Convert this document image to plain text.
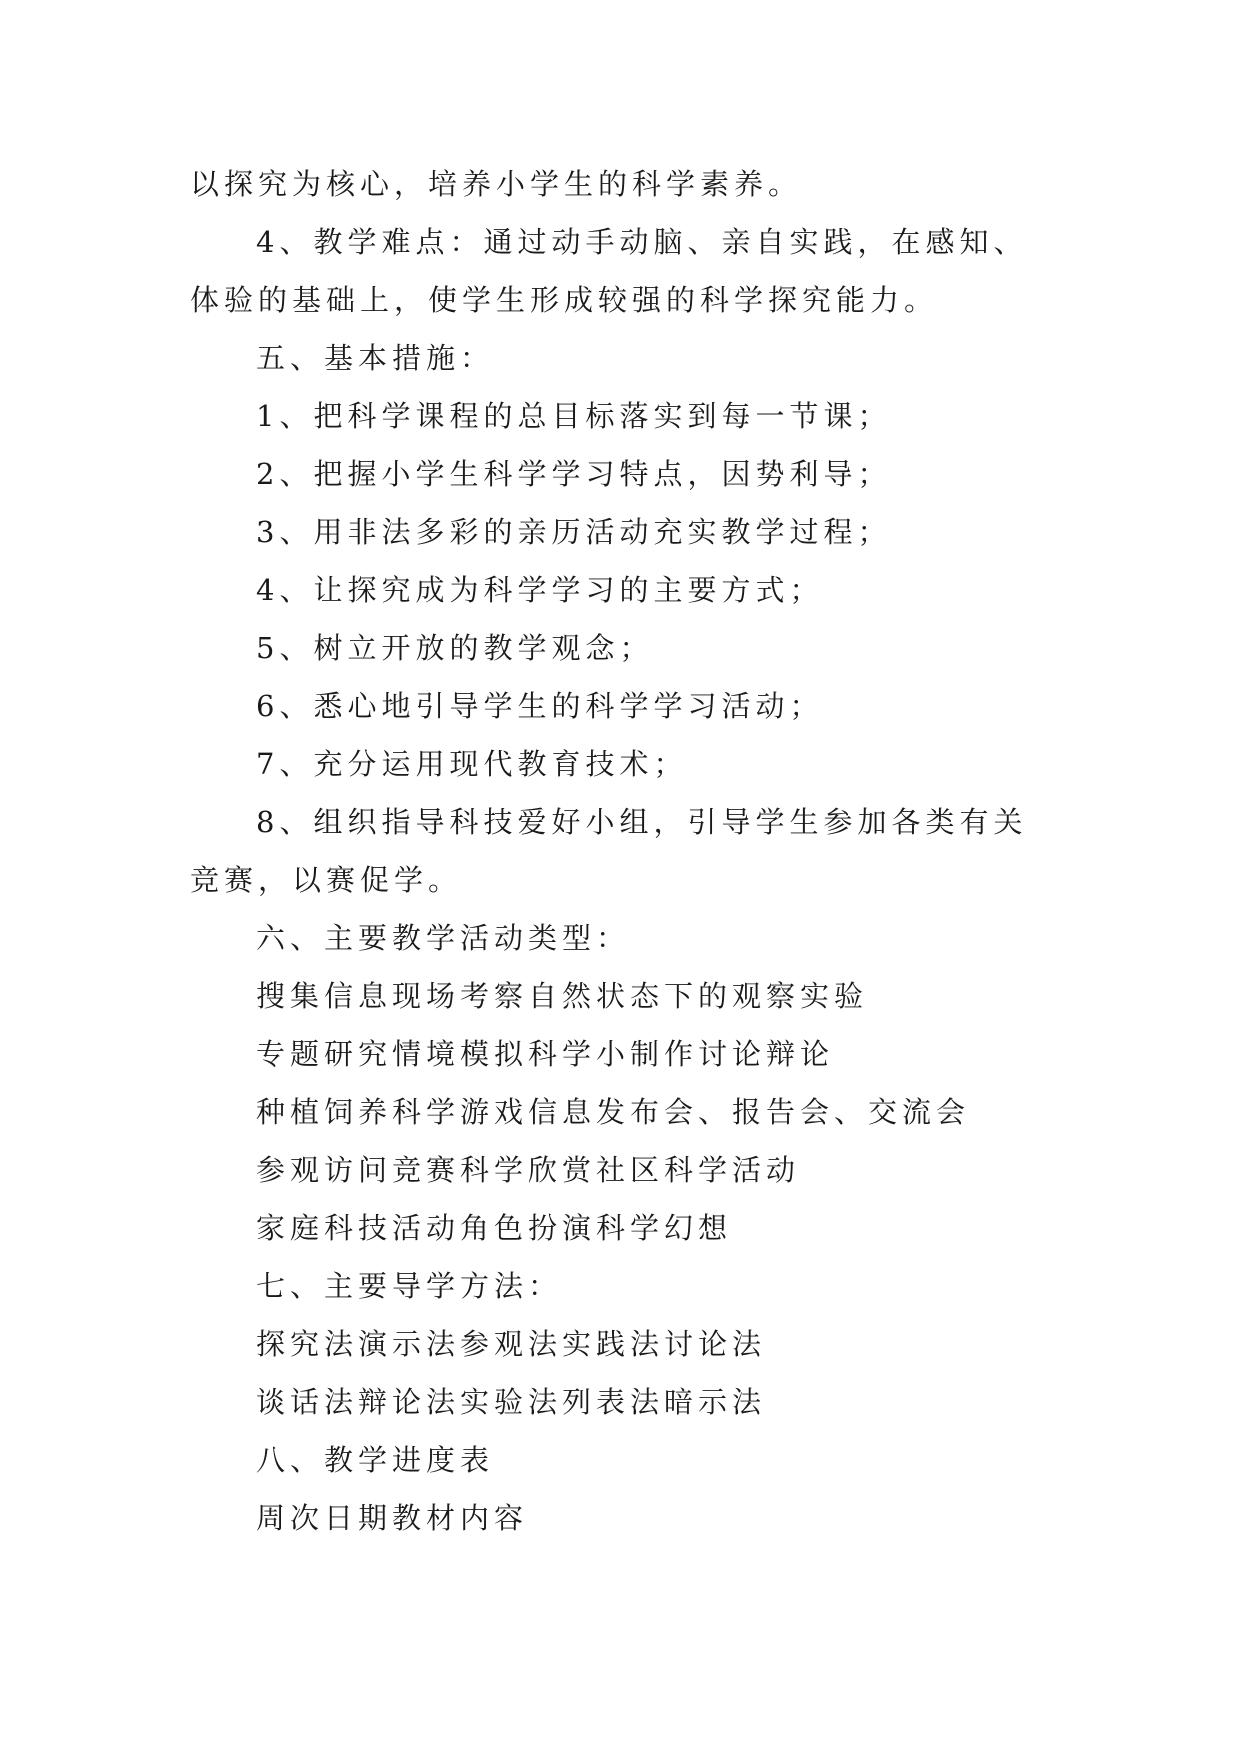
以探究为核心，培养小学生的科学素养。

4、教学难点：通过动手动脑、亲自实践，在感知、体验的基础上，使学生形成较强的科学探究能力。

五、基本措施：

1、把科学课程的总目标落实到每一节课；

2、把握小学生科学学习特点，因势利导；

3、用非法多彩的亲历活动充实教学过程；

4、让探究成为科学学习的主要方式；

5、树立开放的教学观念；

6、悉心地引导学生的科学学习活动；

7、充分运用现代教育技术；

8、组织指导科技爱好小组，引导学生参加各类有关竞赛，以赛促学。

六、主要教学活动类型：

搜集信息现场考察自然状态下的观察实验

专题研究情境模拟科学小制作讨论辩论

种植饲养科学游戏信息发布会、报告会、交流会

参观访问竞赛科学欣赏社区科学活动

家庭科技活动角色扮演科学幻想

七、主要导学方法：

探究法演示法参观法实践法讨论法

谈话法辩论法实验法列表法暗示法

八、教学进度表

周次日期教材内容
